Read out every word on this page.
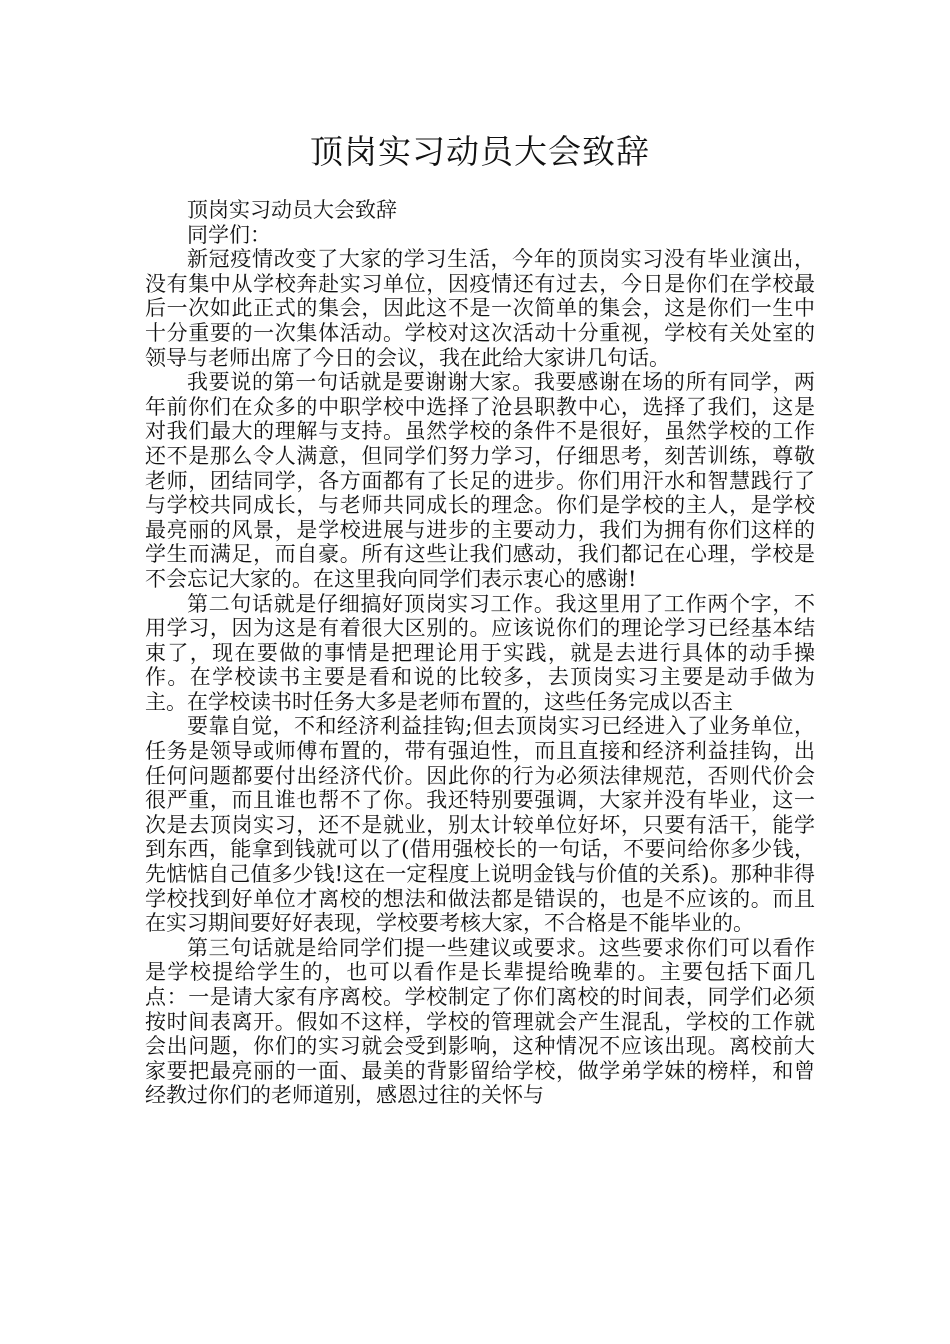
顶岗实习动员大会致辞

顶岗实习动员大会致辞

同学们：

新冠疫情改变了大家的学习生活，今年的顶岗实习没有毕业演出，没有集中从学校奔赴实习单位，因疫情还有过去，今日是你们在学校最后一次如此正式的集会，因此这不是一次简单的集会，这是你们一生中十分重要的一次集体活动。学校对这次活动十分重视，学校有关处室的领导与老师出席了今日的会议，我在此给大家讲几句话。

我要说的第一句话就是要谢谢大家。我要感谢在场的所有同学，两年前你们在众多的中职学校中选择了沧县职教中心，选择了我们，这是对我们最大的理解与支持。虽然学校的条件不是很好，虽然学校的工作还不是那么令人满意，但同学们努力学习，仔细思考，刻苦训练，尊敬老师，团结同学，各方面都有了长足的进步。你们用汗水和智慧践行了与学校共同成长，与老师共同成长的理念。你们是学校的主人，是学校最亮丽的风景，是学校进展与进步的主要动力，我们为拥有你们这样的学生而满足，而自豪。所有这些让我们感动，我们都记在心理，学校是不会忘记大家的。在这里我向同学们表示衷心的感谢!

第二句话就是仔细搞好顶岗实习工作。我这里用了工作两个字，不用学习，因为这是有着很大区别的。应该说你们的理论学习已经基本结束了，现在要做的事情是把理论用于实践，就是去进行具体的动手操作。在学校读书主要是看和说的比较多，去顶岗实习主要是动手做为主。在学校读书时任务大多是老师布置的，这些任务完成以否主

要靠自觉，不和经济利益挂钩;但去顶岗实习已经进入了业务单位， 任务是领导或师傅布置的，带有强迫性，而且直接和经济利益挂钩，出任何问题都要付出经济代价。因此你的行为必须法律规范，否则代价会很严重，而且谁也帮不了你。我还特别要强调，大家并没有毕业，这一次是去顶岗实习，还不是就业，别太计较单位好坏，只要有活干，能学到东西，能拿到钱就可以了(借用强校长的一句话，不要问给你多少钱，先惦惦自己值多少钱!这在一定程度上说明金钱与价值的关系)。那种非得学校找到好单位才离校的想法和做法都是错误的，也是不应该的。而且在实习期间要好好表现，学校要考核大家，不合格是不能毕业的。

第三句话就是给同学们提一些建议或要求。这些要求你们可以看作是学校提给学生的，也可以看作是长辈提给晚辈的。主要包括下面几点：一是请大家有序离校。学校制定了你们离校的时间表，同学们必须按时间表离开。假如不这样，学校的管理就会产生混乱，学校的工作就会出问题，你们的实习就会受到影响，这种情况不应该出现。离校前大家要把最亮丽的一面、最美的背影留给学校，做学弟学妹的榜样，和曾经教过你们的老师道别，感恩过往的关怀与
